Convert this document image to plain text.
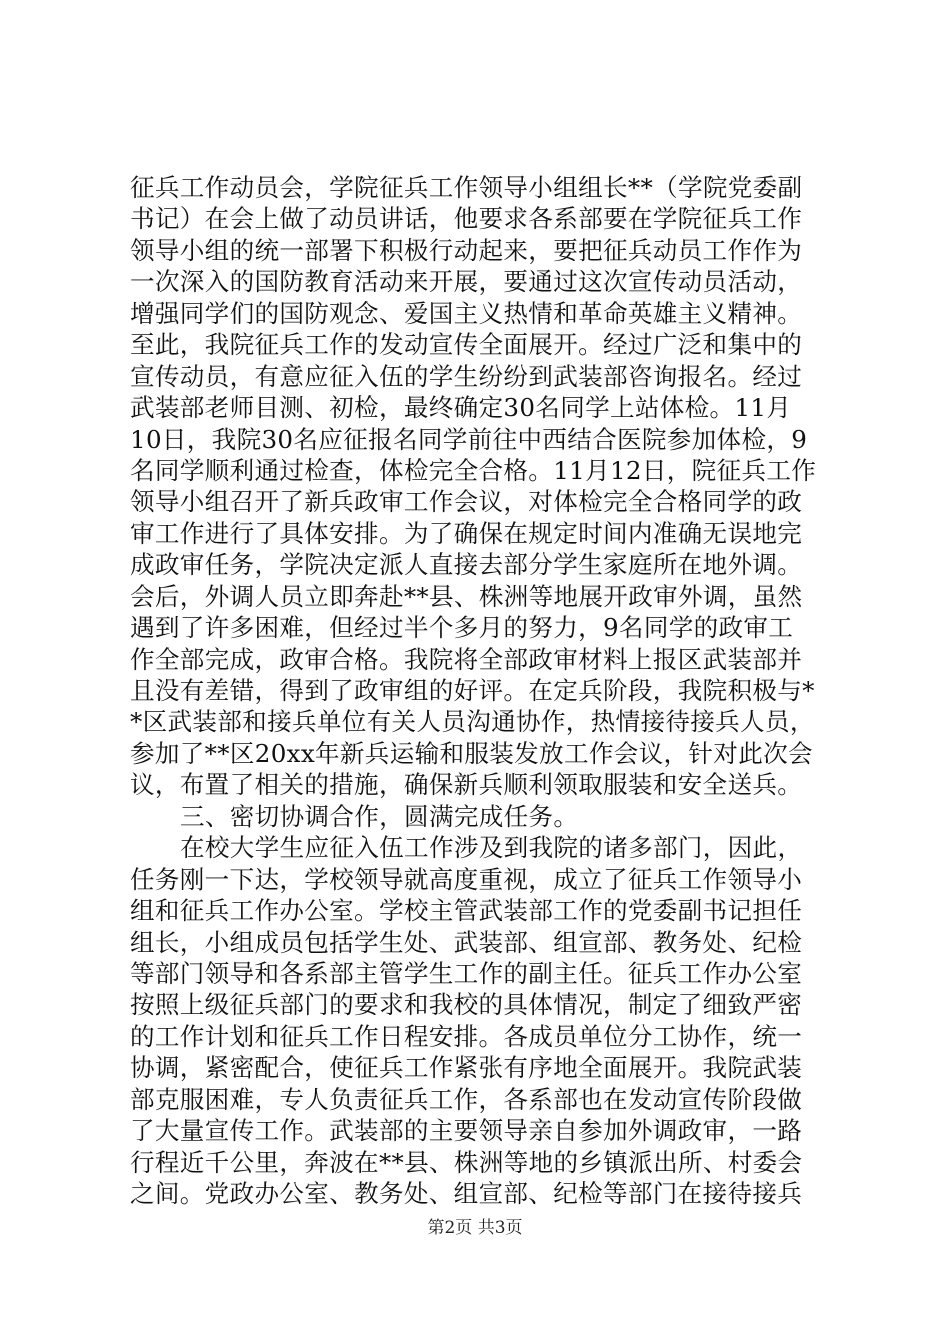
征兵工作动员会，学院征兵工作领导小组组长**（学院党委副
书记）在会上做了动员讲话，他要求各系部要在学院征兵工作
领导小组的统一部署下积极行动起来，要把征兵动员工作作为
一次深入的国防教育活动来开展，要通过这次宣传动员活动，
增强同学们的国防观念、爱国主义热情和革命英雄主义精神。
至此，我院征兵工作的发动宣传全面展开。经过广泛和集中的
宣传动员，有意应征入伍的学生纷纷到武装部咨询报名。经过
武装部老师目测、初检，最终确定30名同学上站体检。11月
10日，我院30名应征报名同学前往中西结合医院参加体检，9
名同学顺利通过检查，体检完全合格。11月12日，院征兵工作
领导小组召开了新兵政审工作会议，对体检完全合格同学的政
审工作进行了具体安排。为了确保在规定时间内准确无误地完
成政审任务，学院决定派人直接去部分学生家庭所在地外调。
会后，外调人员立即奔赴**县、株洲等地展开政审外调，虽然
遇到了许多困难，但经过半个多月的努力，9名同学的政审工
作全部完成，政审合格。我院将全部政审材料上报区武装部并
且没有差错，得到了政审组的好评。在定兵阶段，我院积极与*
*区武装部和接兵单位有关人员沟通协作，热情接待接兵人员，
参加了**区20xx年新兵运输和服装发放工作会议，针对此次会
议，布置了相关的措施，确保新兵顺利领取服装和安全送兵。
三、密切协调合作，圆满完成任务。
在校大学生应征入伍工作涉及到我院的诸多部门，因此，
任务刚一下达，学校领导就高度重视，成立了征兵工作领导小
组和征兵工作办公室。学校主管武装部工作的党委副书记担任
组长，小组成员包括学生处、武装部、组宣部、教务处、纪检
等部门领导和各系部主管学生工作的副主任。征兵工作办公室
按照上级征兵部门的要求和我校的具体情况，制定了细致严密
的工作计划和征兵工作日程安排。各成员单位分工协作，统一
协调，紧密配合，使征兵工作紧张有序地全面展开。我院武装
部克服困难，专人负责征兵工作，各系部也在发动宣传阶段做
了大量宣传工作。武装部的主要领导亲自参加外调政审，一路
行程近千公里，奔波在**县、株洲等地的乡镇派出所、村委会
之间。党政办公室、教务处、组宣部、纪检等部门在接待接兵
第2页 共3页
